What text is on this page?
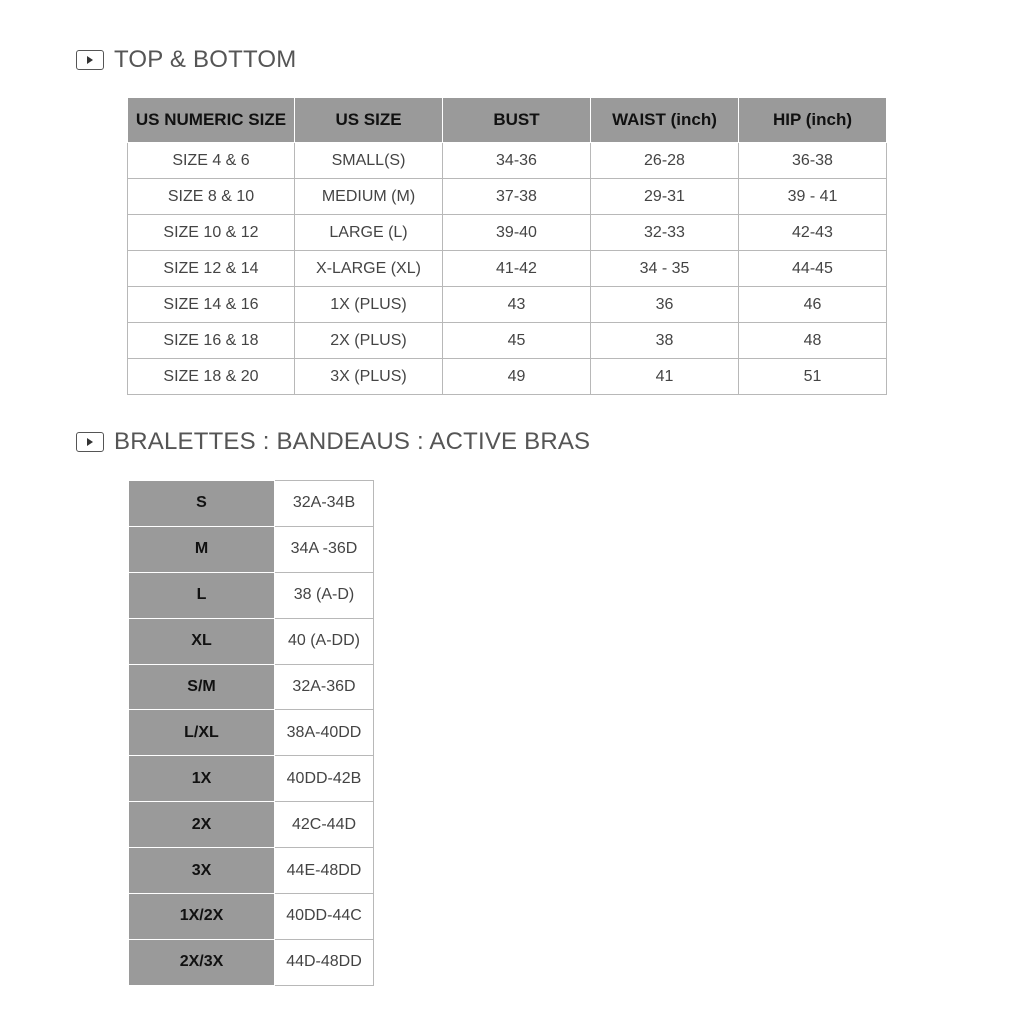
TOP & BOTTOM
US NUMERIC SIZE	US SIZE	BUST	WAIST (inch)	HIP (inch)
SIZE 4 & 6	SMALL(S)	34-36	26-28	36-38
SIZE 8 & 10	MEDIUM (M)	37-38	29-31	39 - 41
SIZE 10 & 12	LARGE (L)	39-40	32-33	42-43
SIZE 12 & 14	X-LARGE (XL)	41-42	34 - 35	44-45
SIZE 14 & 16	1X (PLUS)	43	36	46
SIZE 16 & 18	2X (PLUS)	45	38	48
SIZE 18 & 20	3X (PLUS)	49	41	51
BRALETTES : BANDEAUS : ACTIVE BRAS
S	32A-34B
M	34A -36D
L	38 (A-D)
XL	40 (A-DD)
S/M	32A-36D
L/XL	38A-40DD
1X	40DD-42B
2X	42C-44D
3X	44E-48DD
1X/2X	40DD-44C
2X/3X	44D-48DD
